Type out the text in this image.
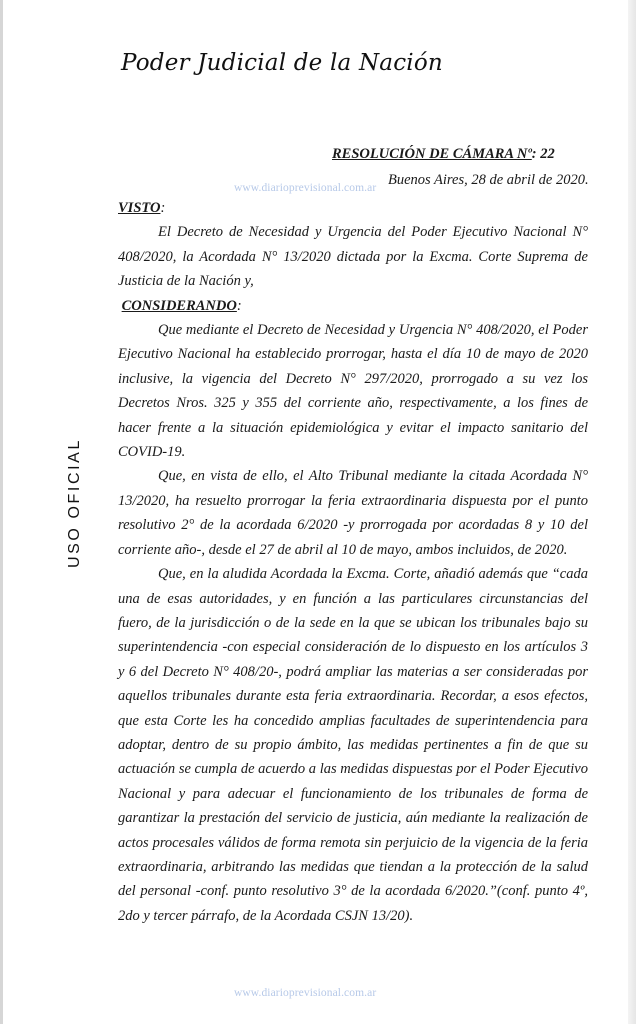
Poder Judicial de la Nación
USO OFICIAL
RESOLUCIÓN DE CÁMARA Nº: 22
Buenos Aires, 28 de abril de 2020.
www.diarioprevisional.com.ar

VISTO:

El Decreto de Necesidad y Urgencia del Poder Ejecutivo Nacional N° 408/2020, la Acordada N° 13/2020 dictada por la Excma. Corte Suprema de Justicia de la Nación y,

CONSIDERANDO:

Que mediante el Decreto de Necesidad y Urgencia N° 408/2020, el Poder Ejecutivo Nacional ha establecido prorrogar, hasta el día 10 de mayo de 2020 inclusive, la vigencia del Decreto N° 297/2020, prorrogado a su vez los Decretos Nros. 325 y 355 del corriente año, respectivamente, a los fines de hacer frente a la situación epidemiológica y evitar el impacto sanitario del COVID-19.

Que, en vista de ello, el Alto Tribunal mediante la citada Acordada N° 13/2020, ha resuelto prorrogar la feria extraordinaria dispuesta por el punto resolutivo 2° de la acordada 6/2020 -y prorrogada por acordadas 8 y 10 del corriente año-, desde el 27 de abril al 10 de mayo, ambos incluidos, de 2020.

Que, en la aludida Acordada la Excma. Corte, añadió además que “cada una de esas autoridades, y en función a las particulares circunstancias del fuero, de la jurisdicción o de la sede en la que se ubican los tribunales bajo su superintendencia -con especial consideración de lo dispuesto en los artículos 3 y 6 del Decreto N° 408/20-, podrá ampliar las materias a ser consideradas por aquellos tribunales durante esta feria extraordinaria. Recordar, a esos efectos, que esta Corte les ha concedido amplias facultades de superintendencia para adoptar, dentro de su propio ámbito, las medidas pertinentes a fin de que su actuación se cumpla de acuerdo a las medidas dispuestas por el Poder Ejecutivo Nacional y para adecuar el funcionamiento de los tribunales de forma de garantizar la prestación del servicio de justicia, aún mediante la realización de actos procesales válidos de forma remota sin perjuicio de la vigencia de la feria extraordinaria, arbitrando las medidas que tiendan a la protección de la salud del personal -conf. punto resolutivo 3° de la acordada 6/2020.”(conf. punto 4º, 2do y tercer párrafo, de la Acordada CSJN 13/20).

www.diarioprevisional.com.ar
